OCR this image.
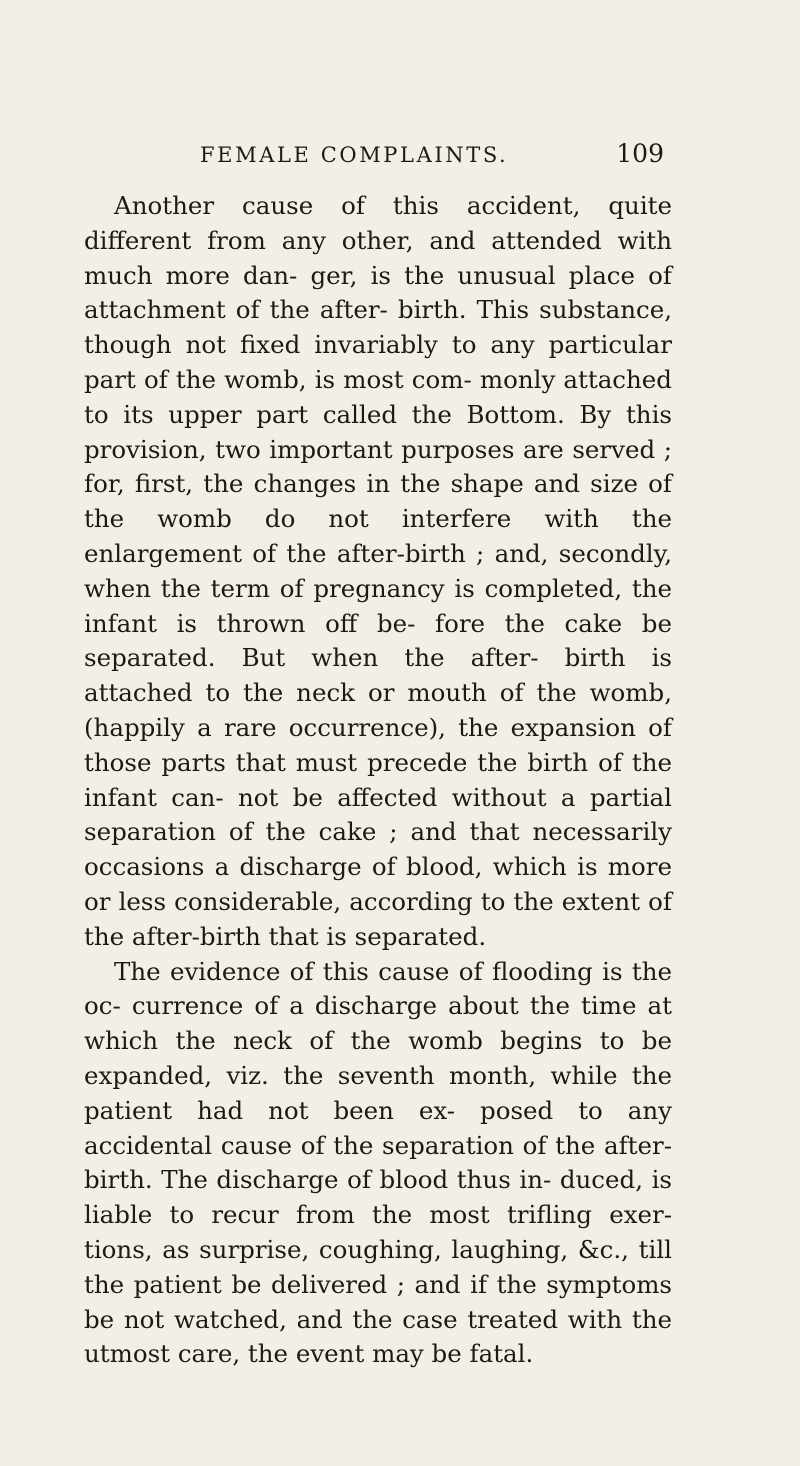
FEMALE COMPLAINTS.	109

Another cause of this accident, quite different from any other, and attended with much more dan- ger, is the unusual place of attachment of the after- birth. This substance, though not fixed invariably to any particular part of the womb, is most com- monly attached to its upper part called the Bottom. By this provision, two important purposes are served ; for, first, the changes in the shape and size of the womb do not interfere with the enlargement of the after-birth ; and, secondly, when the term of pregnancy is completed, the infant is thrown off be- fore the cake be separated. But when the after- birth is attached to the neck or mouth of the womb, (happily a rare occurrence), the expansion of those parts that must precede the birth of the infant can- not be affected without a partial separation of the cake ; and that necessarily occasions a discharge of blood, which is more or less considerable, according to the extent of the after-birth that is separated.

The evidence of this cause of flooding is the oc- currence of a discharge about the time at which the neck of the womb begins to be expanded, viz. the seventh month, while the patient had not been ex- posed to any accidental cause of the separation of the after-birth. The discharge of blood thus in- duced, is liable to recur from the most trifling exer- tions, as surprise, coughing, laughing, &c., till the patient be delivered ; and if the symptoms be not watched, and the case treated with the utmost care, the event may be fatal.
